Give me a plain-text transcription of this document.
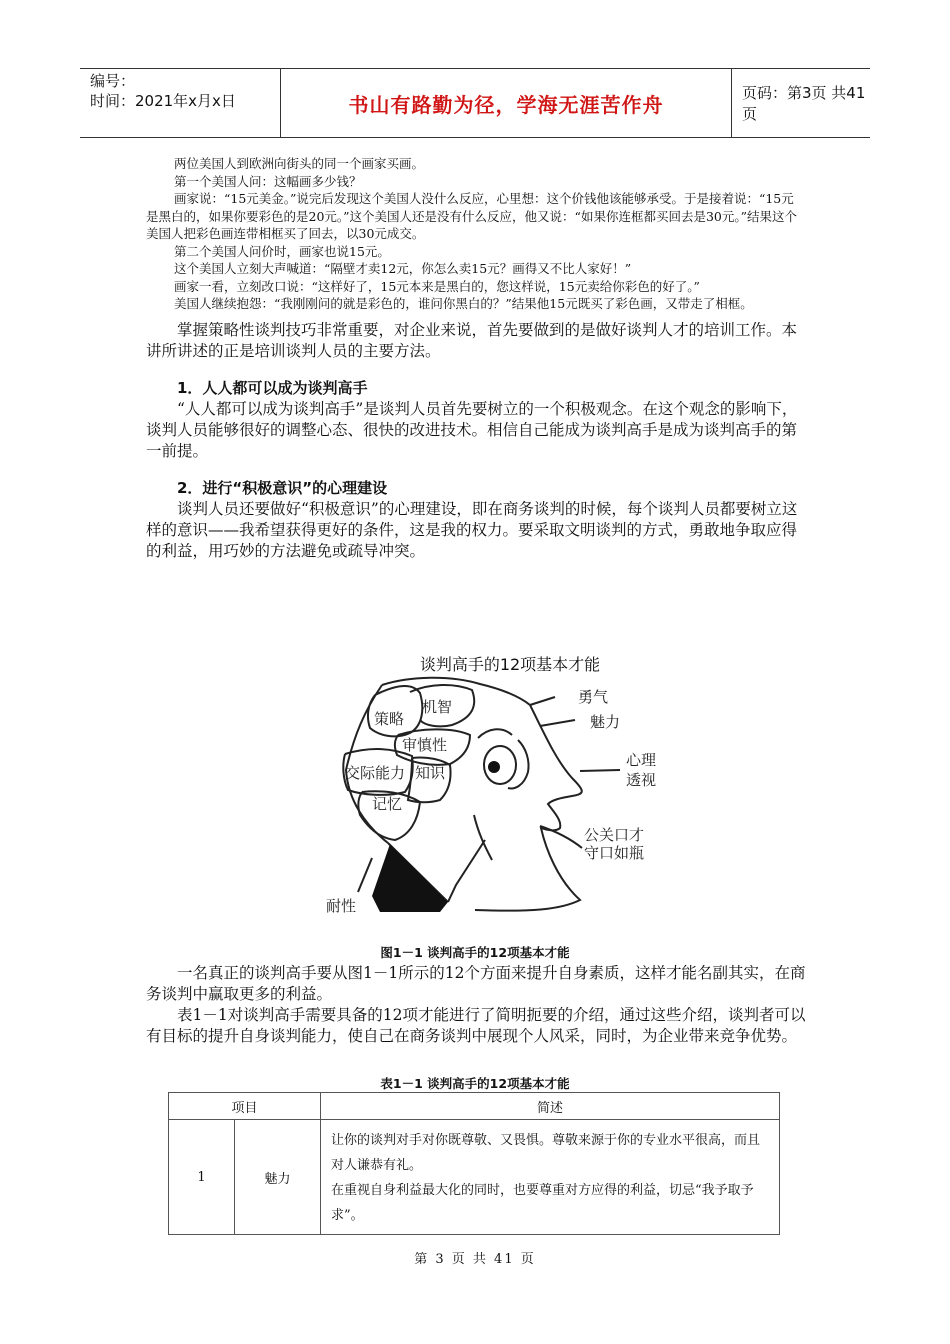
编号：
时间：2021年x月x日	书山有路勤为径，学海无涯苦作舟	页码：第3页 共41页

两位美国人到欧洲向街头的同一个画家买画。

第一个美国人问：这幅画多少钱？

画家说：“15元美金。”说完后发现这个美国人没什么反应，心里想：这个价钱他该能够承受。于是接着说：“15元是黑白的，如果你要彩色的是20元。”这个美国人还是没有什么反应，他又说：“如果你连框都买回去是30元。”结果这个美国人把彩色画连带相框买了回去，以30元成交。

第二个美国人问价时，画家也说15元。

这个美国人立刻大声喊道：“隔壁才卖12元，你怎么卖15元？画得又不比人家好！”

画家一看，立刻改口说：“这样好了，15元本来是黑白的，您这样说，15元卖给你彩色的好了。”

美国人继续抱怨：“我刚刚问的就是彩色的，谁问你黑白的？”结果他15元既买了彩色画，又带走了相框。

掌握策略性谈判技巧非常重要，对企业来说，首先要做到的是做好谈判人才的培训工作。本讲所讲述的正是培训谈判人员的主要方法。

1．人人都可以成为谈判高手

“人人都可以成为谈判高手”是谈判人员首先要树立的一个积极观念。在这个观念的影响下，谈判人员能够很好的调整心态、很快的改进技术。相信自己能成为谈判高手是成为谈判高手的第一前提。

2．进行“积极意识”的心理建设

谈判人员还要做好“积极意识”的心理建设，即在商务谈判的时候，每个谈判人员都要树立这样的意识——我希望获得更好的条件，这是我的权力。要采取文明谈判的方式，勇敢地争取应得的利益，用巧妙的方法避免或疏导冲突。

谈判高手的12项基本才能
策略
机智
审慎性
交际能力 知识
记忆
勇气
魅力
心理
透视
公关口才
守口如瓶
耐性
图1－1 谈判高手的12项基本才能

一名真正的谈判高手要从图1－1所示的12个方面来提升自身素质，这样才能名副其实，在商务谈判中赢取更多的利益。

表1－1对谈判高手需要具备的12项才能进行了简明扼要的介绍，通过这些介绍，谈判者可以有目标的提升自身谈判能力，使自己在商务谈判中展现个人风采，同时，为企业带来竞争优势。

表1－1 谈判高手的12项基本才能
项目		简述
1	魅力	让你的谈判对手对你既尊敬、又畏惧。尊敬来源于你的专业水平很高，而且对人谦恭有礼。

在重视自身利益最大化的同时，也要尊重对方应得的利益，切忌“我予取予求”。

第 3 页 共 41 页
